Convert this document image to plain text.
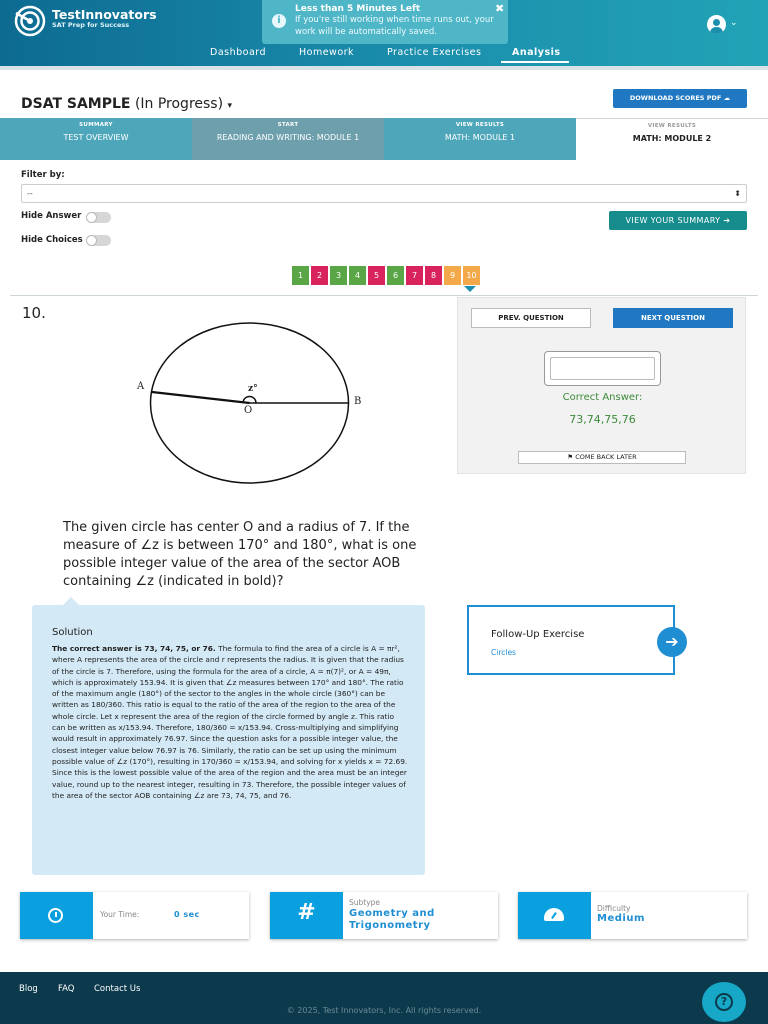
TestInnovators
SAT Prep for Success	i
Less than 5 Minutes Left
If you're still working when time runs out, your work will be automatically saved.
✖
⌄
Dashboard	Homework	Practice Exercises	Analysis
DSAT SAMPLE (In Progress) ▾
DOWNLOAD SCORES PDF ☁
SUMMARY
TEST OVERVIEW
START
READING AND WRITING: MODULE 1
VIEW RESULTS
MATH: MODULE 1
VIEW RESULTS
MATH: MODULE 2
Filter by:
--	⬍
Hide Answer
Hide Choices
VIEW YOUR SUMMARY ➔
1	2	3	4	5	6	7	8	9	10
10.
A
B
O
z°
The given circle has center O and a radius of 7. If the measure of ∠z is between 170° and 180°, what is one possible integer value of the area of the sector AOB containing ∠z (indicated in bold)?
PREV. QUESTION	NEXT QUESTION
Correct Answer:
73,74,75,76
⚑ COME BACK LATER
Solution
The correct answer is 73, 74, 75, or 76. The formula to find the area of a circle is A = πr², where A represents the area of the circle and r represents the radius. It is given that the radius of the circle is 7. Therefore, using the formula for the area of a circle, A = π(7)², or A = 49π, which is approximately 153.94. It is given that ∠z measures between 170° and 180°. The ratio of the maximum angle (180°) of the sector to the angles in the whole circle (360°) can be written as 180/360. This ratio is equal to the ratio of the area of the region to the area of the whole circle. Let x represent the area of the region of the circle formed by angle z. This ratio can be written as x/153.94. Therefore, 180/360 = x/153.94. Cross-multiplying and simplifying would result in approximately 76.97. Since the question asks for a possible integer value, the closest integer value below 76.97 is 76. Similarly, the ratio can be set up using the minimum possible value of ∠z (170°), resulting in 170/360 = x/153.94, and solving for x yields x = 72.69. Since this is the lowest possible value of the area of the region and the area must be an integer value, round up to the nearest integer, resulting in 73. Therefore, the possible integer values of the area of the sector AOB containing ∠z are 73, 74, 75, and 76.
Follow-Up Exercise
Circles
➔
Your Time:	0 sec	#	Subtype
Geometry and Trigonometry
Difficulty
Medium
Blog FAQ Contact Us
© 2025, Test Innovators, Inc. All rights reserved.
?
